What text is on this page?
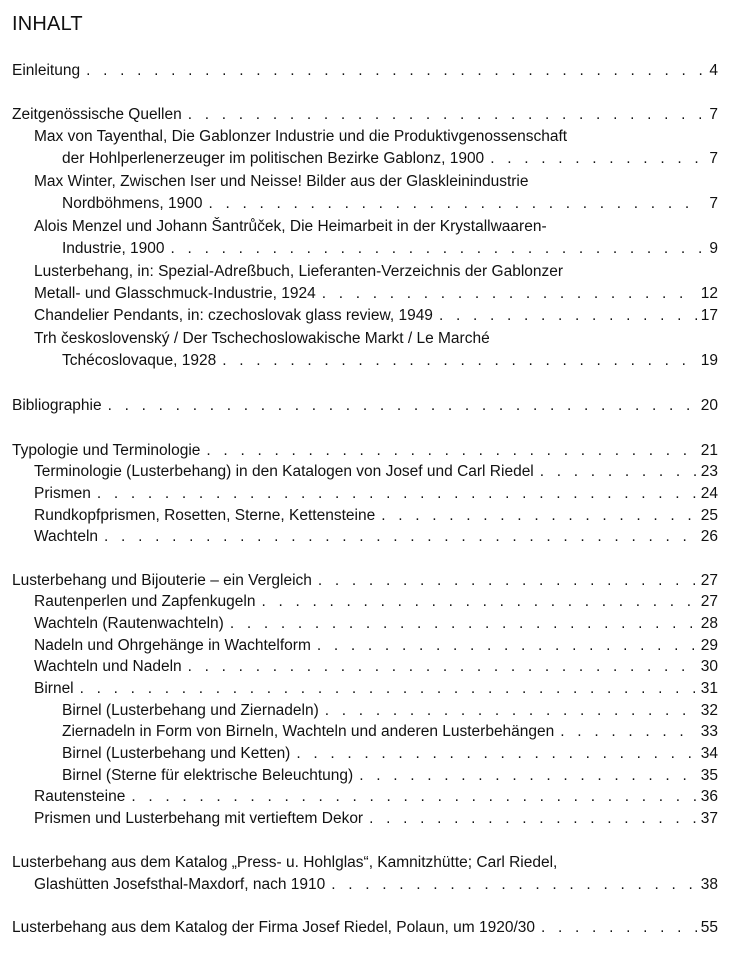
INHALT
Einleitung . . .	4
Zeitgenössische Quellen . . .	7
Max von Tayenthal, Die Gablonzer Industrie und die Produktivgenossenschaft
der Hohlperlenerzeuger im politischen Bezirke Gablonz, 1900 . . .	7
Max Winter, Zwischen Iser und Neisse! Bilder aus der Glaskleinindustrie
Nordböhmens, 1900 . . .	7
Alois Menzel und Johann Šantrůček, Die Heimarbeit in der Krystallwaaren-
Industrie, 1900 . . .	9
Lusterbehang, in: Spezial-Adreßbuch, Lieferanten-Verzeichnis der Gablonzer
Metall- und Glasschmuck-Industrie, 1924 . . .	12
Chandelier Pendants, in: czechoslovak glass review, 1949 . . .	17
Trh československý / Der Tschechoslowakische Markt / Le Marché
Tchécoslovaque, 1928 . . .	19
Bibliographie . . .	20
Typologie und Terminologie . . .	21
Terminologie (Lusterbehang) in den Katalogen von Josef und Carl Riedel . . .	23
Prismen . . .	24
Rundkopfprismen, Rosetten, Sterne, Kettensteine . . .	25
Wachteln . . .	26
Lusterbehang und Bijouterie – ein Vergleich . . .	27
Rautenperlen und Zapfenkugeln . . .	27
Wachteln (Rautenwachteln) . . .	28
Nadeln und Ohrgehänge in Wachtelform . . .	29
Wachteln und Nadeln . . .	30
Birnel . . .	31
Birnel (Lusterbehang und Ziernadeln) . . .	32
Ziernadeln in Form von Birneln, Wachteln und anderen Lusterbehängen . . .	33
Birnel (Lusterbehang und Ketten) . . .	34
Birnel (Sterne für elektrische Beleuchtung) . . .	35
Rautensteine . . .	36
Prismen und Lusterbehang mit vertieftem Dekor . . .	37
Lusterbehang aus dem Katalog „Press- u. Hohlglas“, Kamnitzhütte; Carl Riedel,
Glashütten Josefsthal-Maxdorf, nach 1910 . . .	38
Lusterbehang aus dem Katalog der Firma Josef Riedel, Polaun, um 1920/30 . . .	55
